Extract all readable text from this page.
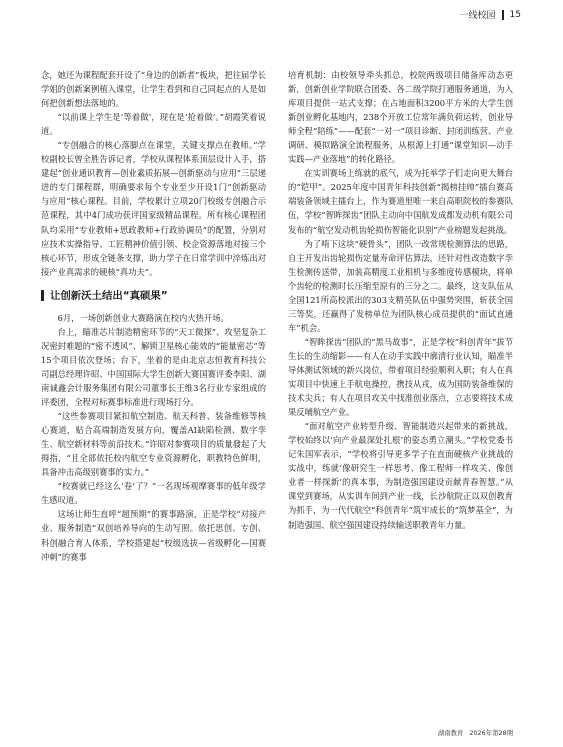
一线校园 15

念，她还为课程配套开设了“身边的创新者”板块，把往届学长学姐的创新案例植入课堂，让学生看到和自己同起点的人是如何把创新想法落地的。

“以前课上学生是‘等着做’，现在是‘抢着做’。”胡霞笑着说道。

“专创融合的核心落脚点在课堂，关键支撑点在教师。”学校副校长曾全胜告诉记者，学校从课程体系顶层设计入手，搭建起“创业通识教育—创业素质拓展—创新驱动与应用”三层递进的专门课程群，明确要求每个专业至少开设1门“创新驱动与应用”核心课程。目前，学校累计立项20门校级专创融合示范课程，其中4门成功获评国家级精品课程。所有核心课程团队均采用“专业教师+思政教师+行政协调员”的配置，分别对应技术实操指导、工匠精神价值引领、校企资源落地对接三个核心环节，形成全链条支撑，助力学子在日常学训中淬炼出对接产业真需求的硬核“真功夫”。

让创新沃土结出“真硕果”

6月，一场创新创业大赛路演在校内火热开场。

台上，瞄准芯片制造精密环节的“天工微探”、攻坚复杂工况密封难题的“密不透风”、解锁卫星核心能效的“能量密芯”等15个项目依次登场；台下，坐着的是由北京志恒教育科技公司副总经理许昭、中国国际大学生创新大赛国赛评委李阳、湖南诚鑫会计服务集团有限公司董事长王维3名行业专家组成的评委团，全程对标赛事标准进行现场打分。

“这些参赛项目紧扣航空制造、航天科普、装备维修等核心赛道，贴合高端制造发展方向，覆盖AI缺陷检测、数字孪生、航空新材料等前沿技术。”许昭对参赛项目的质量發起了大拇指，“且全部依托校内航空专业资源孵化，职教特色鲜明，具备冲击高级别赛事的实力。”

“校赛就已经这么‘卷’了？”一名现场观摩赛事的低年级学生感叹道。

这场让师生直呼“超预期”的赛事路演，正是学校“对接产业、服务制造”双创培养导向的生动写照。依托思创、专创、科创融合育人体系，学校搭建起“校级选拔—省级孵化—国赛冲刺”的赛事

培育机制：由校领导牵头抓总，校院两级项目储备库动态更新，创新创业学院联合团委、各二级学院打通服务通道，为入库项目提供一站式支撑；在占地面积3200平方米的大学生创新创业孵化基地内，238个开放工位常年满负荷运转，创业导师全程“陪练”——配套“一对一”项目诊断、封闭训练营、产业调研、模拟路演全流程服务，从根源上打通“课堂知识—动手实践—产业落地”的转化路径。

在实训赛场上练就的底气，成为托举学子们走向更大舞台的“铠甲”。2025年度中国青年科技创新“揭榜挂帅”擂台赛高端装备领域主擂台上，作为赛道里唯一来自高职院校的参赛队伍，学校“智眸探齿”团队主动向中国航发成都发动机有限公司发布的“航空发动机齿轮损伤智能化识别”产业榜题发起挑战。

为了啃下这块“硬骨头”，团队一改常规检测算法的思路，自主开发出齿轮损伤定量寿命评估算法，还针对性改造数字孪生检测传送带，加装高精度工业相机与多维度传感模块，将单个齿轮的检测时长压缩至原有的三分之二。最终，这支队伍从全国121所高校派出的303支精英队伍中强势突围，斩获全国三等奖，还赢得了发榜单位为团队核心成员提供的“面试直通车”机会。

“智眸探齿”团队的“黑马故事”，正是学校“科创青年”拔节生长的生动缩影——有人在动手实践中廓清行业认知，瞄准半导体测试领域的新兴岗位，带着项目经验顺利入职；有人在真实项目中快速上手航电操控，携技从戎，成为国防装备维保的技术尖兵；有人在项目攻关中找准创业落点，立志要将技术成果反哺航空产业。

“面对航空产业转型升级、智能制造兴起带来的新挑战，学校始终以‘向产业最深处扎根’的姿态勇立潮头。”学校党委书记朱国军表示，“学校将引导更多学子在直面硬核产业挑战的实战中，练就‘像研究生一样思考、像工程师一样攻关、像创业者一样探新’的真本事，为制造强国建设贡献青春智慧。”从课堂到赛场，从实训车间到产业一线，长沙航院正以双创教育为抓手，为一代代航空“科创青年”筑牢成长的“筑梦基全”，为制造强国、航空强国建设持续输送职教青年力量。

湖南教育 2026年第28期
